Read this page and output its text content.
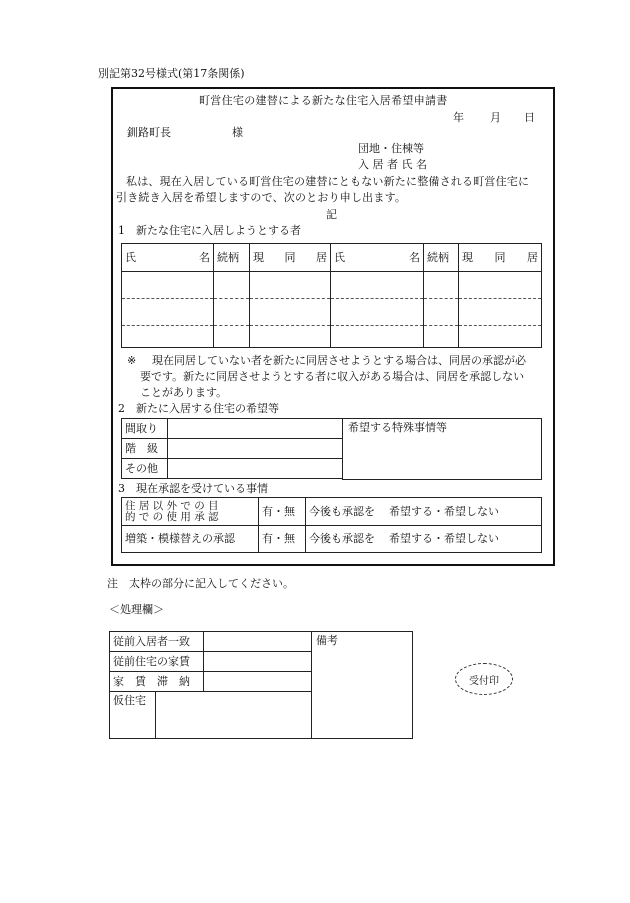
別記第32号様式(第17条関係)
町営住宅の建替による新たな住宅入居希望申請書
年 月 日
釧路町長	様
団地・住棟等
入 居 者 氏 名
私は、現在入居している町営住宅の建替にともない新たに整備される町営住宅に
引き続き入居を希望しますので、次のとおり申し出ます。
記
1　新たな住宅に入居しようとする者
氏 名	続柄	現 同 居	氏 名	続柄	現 同 居

※ 現在同居していない者を新たに同居させようとする場合は、同居の承認が必
要です。新たに同居させようとする者に収入がある場合は、同居を承認しない
ことがあります。
2　新たに入居する住宅の希望等
間取り	
階　級	
その他	
希望する特殊事情等
3　現在承認を受けている事情
住 居 以 外 で の 目
的 で の 使 用 承 認	有・無	今後も承認を 希望する・希望しない
増築・模様替えの承認	有・無	今後も承認を 希望する・希望しない
注　太枠の部分に記入してください。
＜処理欄＞
従前入居者一致		
従前住宅の家賃		
家　賃　滞　納		
仮住宅		
備考
受付印
